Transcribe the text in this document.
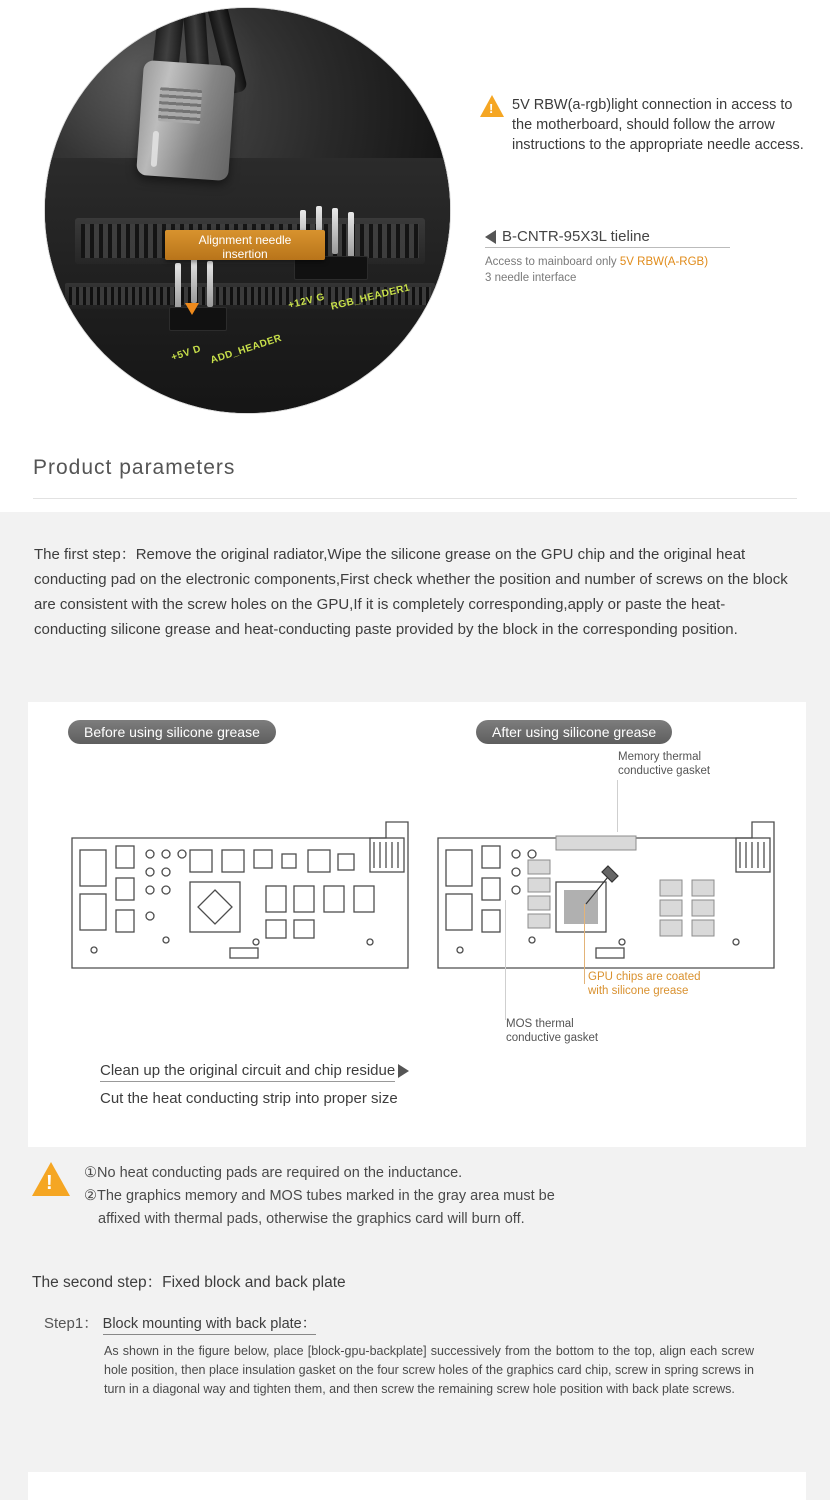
+5V D ADD_HEADER
+12V G RGB_HEADER1
Alignment needle
insertion
!
5V RBW(a-rgb)light connection in access to the motherboard, should follow the arrow instructions to the appropriate needle access.
B-CNTR-95X3L tieline
Access to mainboard only 5V RBW(A-RGB)
3 needle interface
Product parameters
The first step：Remove the original radiator,Wipe the silicone grease on the GPU chip and the original heat conducting pad on the electronic components,First check whether the position and number of screws on the block are consistent with the screw holes on the GPU,If it is completely corresponding,apply or paste the heat-conducting silicone grease and heat-conducting paste provided by the block in the corresponding position.
Before using silicone grease	After using silicone grease
Memory thermal
conductive gasket
GPU chips are coated
with silicone grease
MOS thermal
conductive gasket
Clean up the original circuit and chip residue
Cut the heat conducting strip into proper size
!
①No heat conducting pads are required on the inductance.
②The graphics memory and MOS tubes marked in the gray area must be
affixed with thermal pads, otherwise the graphics card will burn off.
The second step：Fixed block and back plate
Step1： Block mounting with back plate：
As shown in the figure below, place [block-gpu-backplate] successively from the bottom to the top, align each screw hole position, then place insulation gasket on the four screw holes of the graphics card chip, screw in spring screws in turn in a diagonal way and tighten them, and then screw the remaining screw hole position with back plate screws.
